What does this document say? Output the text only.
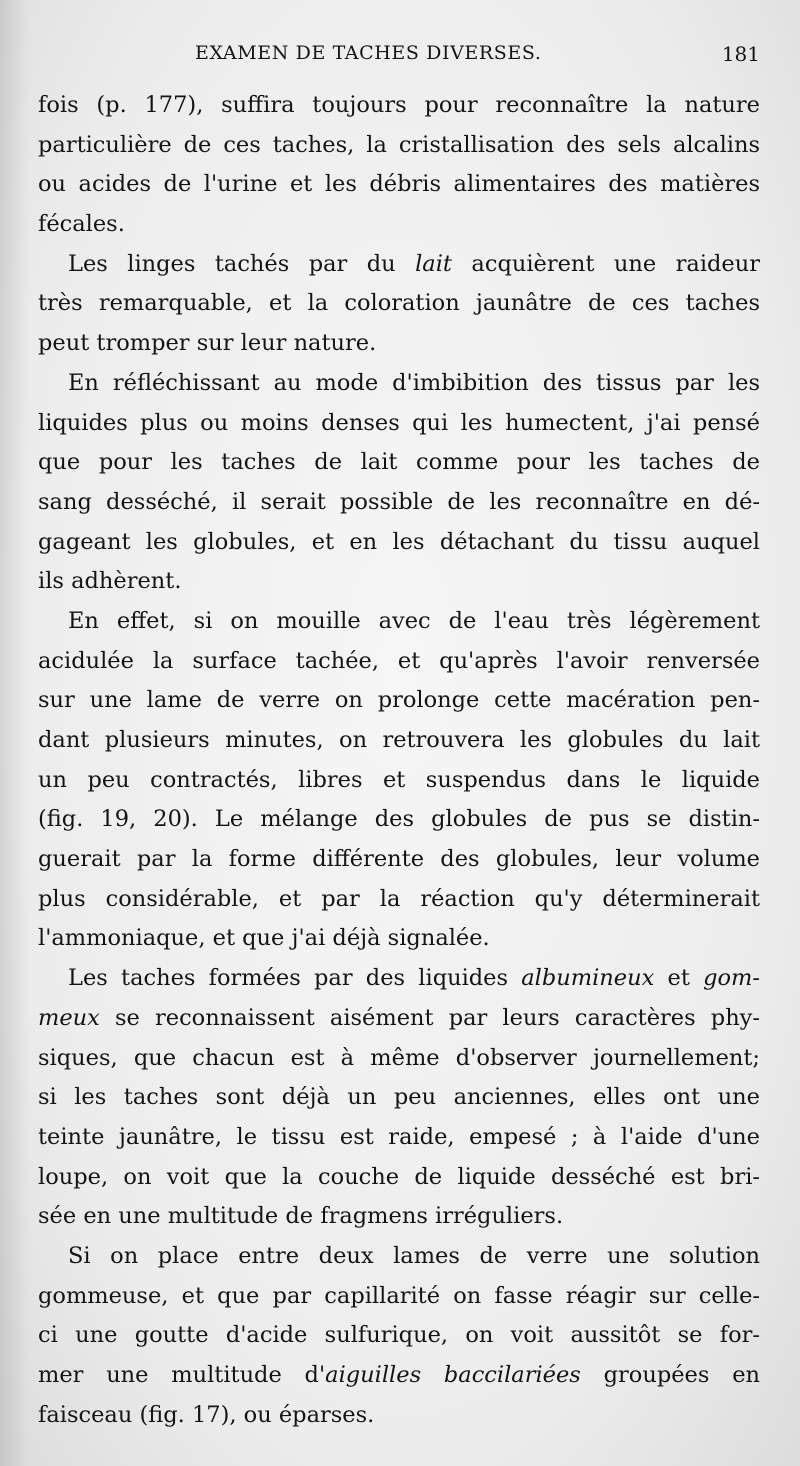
EXAMEN DE TACHES DIVERSES.	181
fois (p. 177), suffira toujours pour reconnaître la nature
particulière de ces taches, la cristallisation des sels alcalins
ou acides de l'urine et les débris alimentaires des matières
fécales.
Les linges tachés par du lait acquièrent une raideur
très remarquable, et la coloration jaunâtre de ces taches
peut tromper sur leur nature.
En réfléchissant au mode d'imbibition des tissus par les
liquides plus ou moins denses qui les humectent, j'ai pensé
que pour les taches de lait comme pour les taches de
sang desséché, il serait possible de les reconnaître en dé-
gageant les globules, et en les détachant du tissu auquel
ils adhèrent.
En effet, si on mouille avec de l'eau très légèrement
acidulée la surface tachée, et qu'après l'avoir renversée
sur une lame de verre on prolonge cette macération pen-
dant plusieurs minutes, on retrouvera les globules du lait
un peu contractés, libres et suspendus dans le liquide
(fig. 19, 20). Le mélange des globules de pus se distin-
guerait par la forme différente des globules, leur volume
plus considérable, et par la réaction qu'y déterminerait
l'ammoniaque, et que j'ai déjà signalée.
Les taches formées par des liquides albumineux et gom-
meux se reconnaissent aisément par leurs caractères phy-
siques, que chacun est à même d'observer journellement;
si les taches sont déjà un peu anciennes, elles ont une
teinte jaunâtre, le tissu est raide, empesé ; à l'aide d'une
loupe, on voit que la couche de liquide desséché est bri-
sée en une multitude de fragmens irréguliers.
Si on place entre deux lames de verre une solution
gommeuse, et que par capillarité on fasse réagir sur celle-
ci une goutte d'acide sulfurique, on voit aussitôt se for-
mer une multitude d'aiguilles baccilariées groupées en
faisceau (fig. 17), ou éparses.
